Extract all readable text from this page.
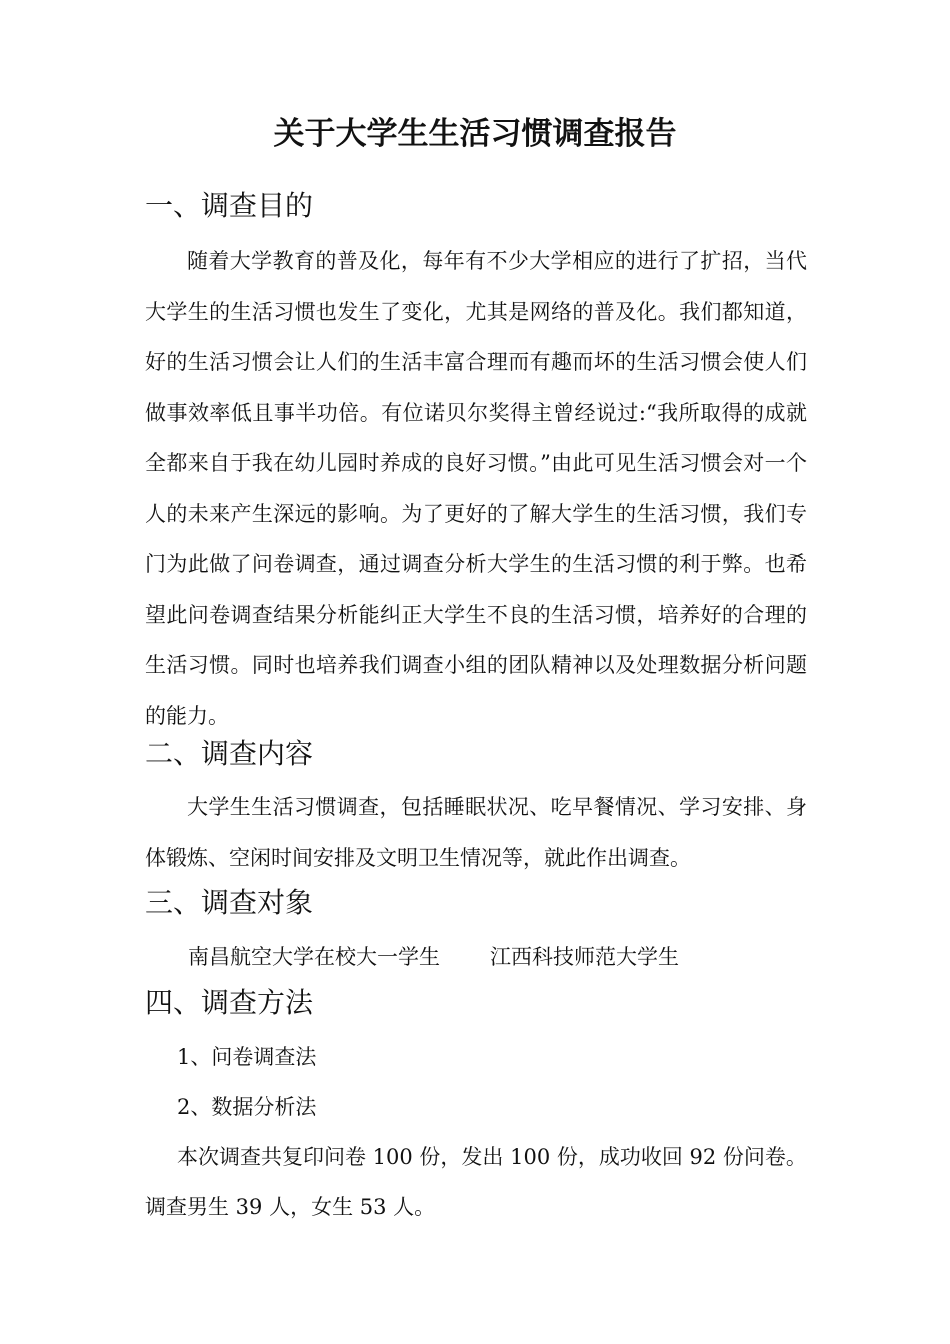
关于大学生生活习惯调查报告
一、调查目的

随着大学教育的普及化，每年有不少大学相应的进行了扩招，当代大学生的生活习惯也发生了变化，尤其是网络的普及化。我们都知道，好的生活习惯会让人们的生活丰富合理而有趣而坏的生活习惯会使人们做事效率低且事半功倍。有位诺贝尔奖得主曾经说过:“我所取得的成就全都来自于我在幼儿园时养成的良好习惯。”由此可见生活习惯会对一个人的未来产生深远的影响。为了更好的了解大学生的生活习惯，我们专门为此做了问卷调查，通过调查分析大学生的生活习惯的利于弊。也希望此问卷调查结果分析能纠正大学生不良的生活习惯，培养好的合理的生活习惯。同时也培养我们调查小组的团队精神以及处理数据分析问题的能力。

二、调查内容

大学生生活习惯调查，包括睡眠状况、吃早餐情况、学习安排、身体锻炼、空闲时间安排及文明卫生情况等，就此作出调查。

三、调查对象

南昌航空大学在校大一学生 江西科技师范大学生

四、调查方法

1、问卷调查法

2、数据分析法

本次调查共复印问卷 100 份，发出 100 份，成功收回 92 份问卷。

调查男生 39 人，女生 53 人。
